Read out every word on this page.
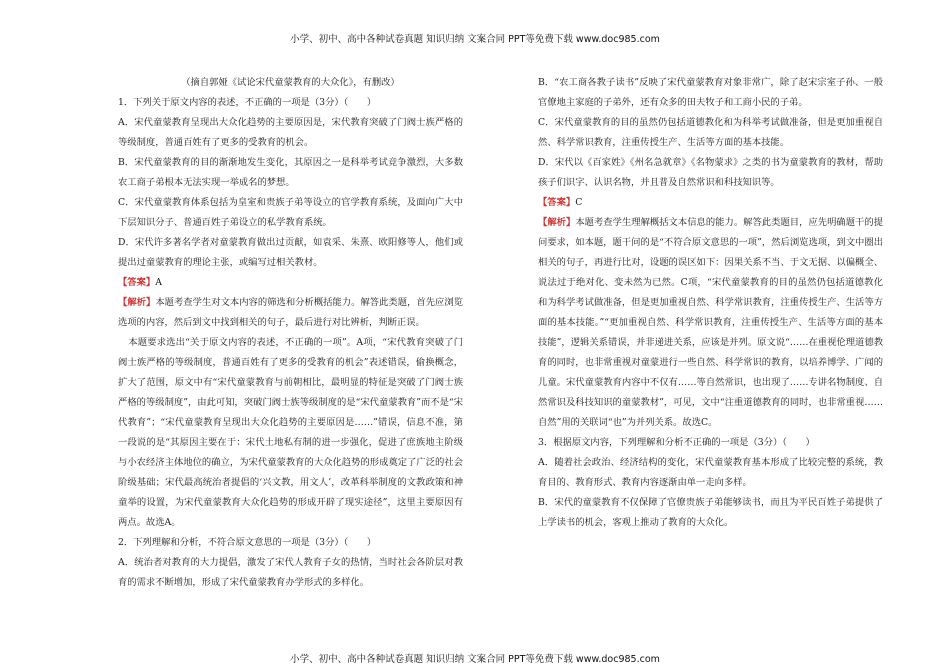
小学、初中、高中各种试卷真题 知识归纳 文案合同 PPT等免费下载 www.doc985.com

（摘自郭娅《试论宋代童蒙教育的大众化》，有删改）

1．下列关于原文内容的表述，不正确的一项是（3分）（　　）

A．宋代童蒙教育呈现出大众化趋势的主要原因是，宋代教育突破了门阀士族严格的等级制度，普通百姓有了更多的受教育的机会。

B．宋代童蒙教育的目的渐渐地发生变化，其原因之一是科举考试竞争激烈，大多数农工商子弟根本无法实现一举成名的梦想。

C．宋代童蒙教育体系包括为皇室和贵族子弟等设立的官学教育系统，及面向广大中下层知识分子、普通百姓子弟设立的私学教育系统。

D．宋代许多著名学者对童蒙教育做出过贡献，如袁采、朱熹、欧阳修等人，他们或提出过童蒙教育的理论主张，或编写过相关教材。

【答案】A

【解析】本题考查学生对文本内容的筛选和分析概括能力。解答此类题，首先应浏览选项的内容，然后到文中找到相关的句子，最后进行对比辨析，判断正误。

本题要求选出“关于原文内容的表述，不正确的一项”。A项，“宋代教育突破了门阀士族严格的等级制度，普通百姓有了更多的受教育的机会”表述错误，偷换概念，扩大了范围，原文中有“宋代童蒙教育与前朝相比，最明显的特征是突破了门阀士族严格的等级制度”，由此可知，突破门阀士族等级制度的是“宋代童蒙教育”而不是“宋代教育”；“宋代童蒙教育呈现出大众化趋势的主要原因是……”错误，信息不准，第一段说的是“其原因主要在于：宋代土地私有制的进一步强化，促进了庶族地主阶级与小农经济主体地位的确立，为宋代童蒙教育的大众化趋势的形成奠定了广泛的社会阶级基础；宋代最高统治者提倡的‘兴文教，用文人’，改革科举制度的文教政策和神童举的设置，为宋代童蒙教育大众化趋势的形成开辟了现实途径”，这里主要原因有两点。故选A。

2．下列理解和分析，不符合原文意思的一项是（3分）（　　）

A．统治者对教育的大力提倡，激发了宋代人教育子女的热情，当时社会各阶层对教育的需求不断增加，形成了宋代童蒙教育办学形式的多样化。

B．“农工商各教子读书”反映了宋代童蒙教育对象非常广，除了赵宋宗室子孙、一般官僚地主家庭的子弟外，还有众多的田夫牧子和工商小民的子弟。

C．宋代童蒙教育的目的虽然仍包括道德教化和为科举考试做准备，但是更加重视自然、科学常识教育，注重传授生产、生活等方面的基本技能。

D．宋代以《百家姓》《州名急就章》《名物蒙求》之类的书为童蒙教育的教材，帮助孩子们识字、认识名物，并且普及自然常识和科技知识等。

【答案】C

【解析】本题考查学生理解概括文本信息的能力。解答此类题目，应先明确题干的提问要求，如本题，题干问的是“不符合原文意思的一项”，然后浏览选项，到文中圈出相关的句子，再进行比对，设题的误区如下：因果关系不当、于文无据、以偏概全、说法过于绝对化、变未然为已然。C项，“宋代童蒙教育的目的虽然仍包括道德教化和为科学考试做准备，但是更加重视自然、科学常识教育，注重传授生产、生活等方面的基本技能。”“更加重视自然、科学常识教育，注重传授生产、生活等方面的基本技能”，逻辑关系错误，并非递进关系，应该是并列。原文说“……在重视伦理道德教育的同时，也非常重视对童蒙进行一些自然、科学常识的教育，以培养博学、广闻的儿童。宋代童蒙教育内容中不仅有……等自然常识，也出现了……专讲名物制度、自然常识及科技知识的童蒙教材”，可见，文中“注重道德教育的同时，也非常重视……自然”用的关联词“也”为并列关系。故选C。

3．根据原文内容，下列理解和分析不正确的一项是（3分）（　　）

A．随着社会政治、经济结构的变化，宋代童蒙教育基本形成了比较完整的系统，教育目的、教育形式、教育内容逐渐由单一走向多样。

B．宋代的童蒙教育不仅保障了官僚贵族子弟能够读书，而且为平民百姓子弟提供了上学读书的机会，客观上推动了教育的大众化。

小学、初中、高中各种试卷真题 知识归纳 文案合同 PPT等免费下载 www.doc985.com
